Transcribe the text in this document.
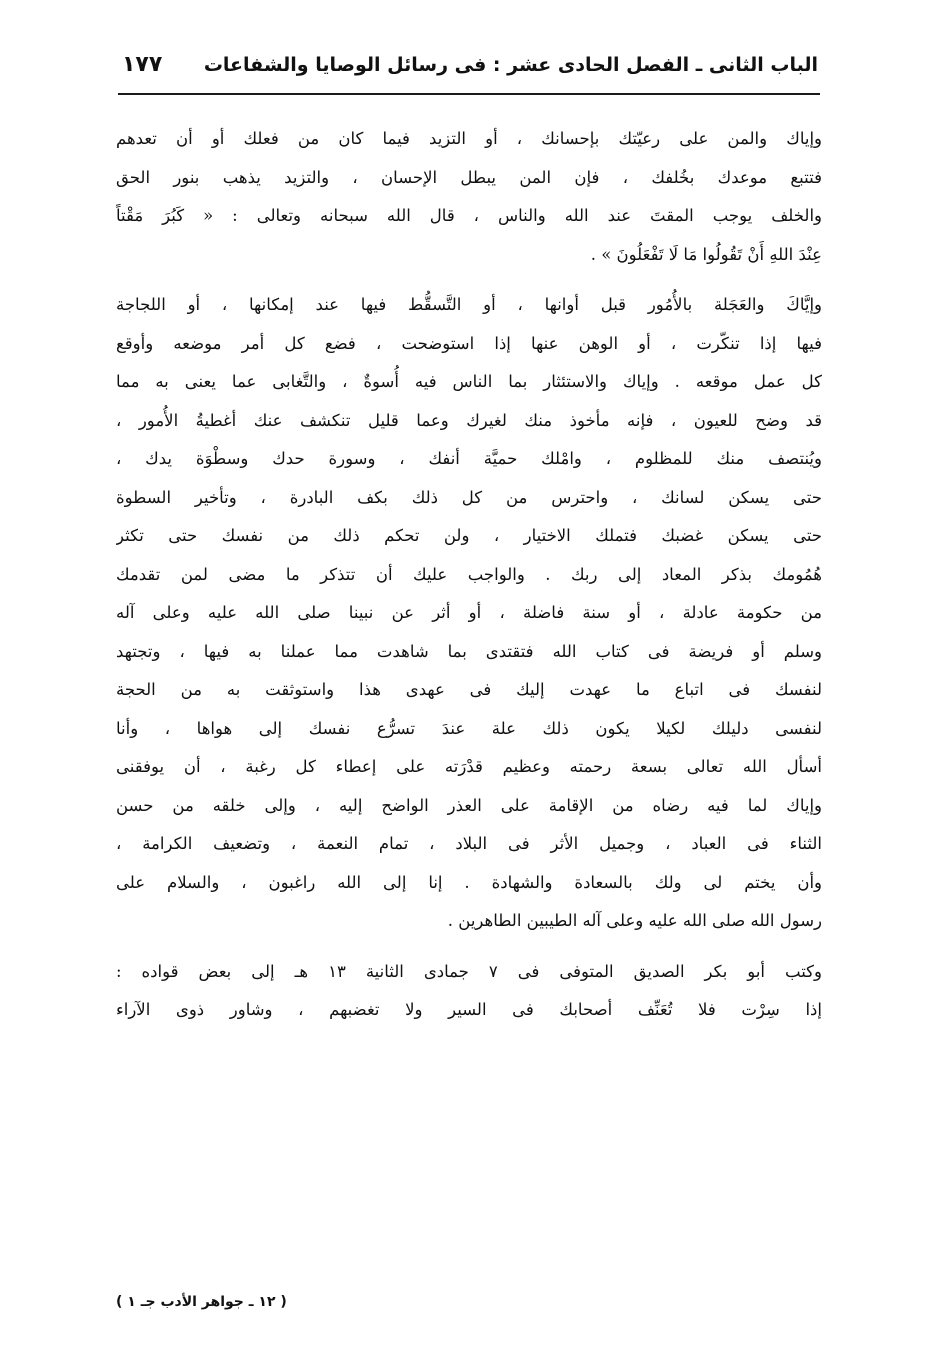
الباب الثانى ـ الفصل الحادى عشر : فى رسائل الوصايا والشفاعات
١٧٧
وإياك والمن على رعيّتك بإحسانك ، أو التزيد فيما كان من فعلك أو أن تعدهم
فتتبع موعدك بخُلفك ، فإن المن يبطل الإحسان ، والتزيد يذهب بنور الحق
والخلف يوجب المقتَ عند الله والناس ، قال الله سبحانه وتعالى : « كَبُرَ مَقْتاً
عِنْدَ اللهِ أَنْ تَقُولُوا مَا لَا تَفْعَلُونَ » .
وإيَّاكَ والعَجَلة بالأُمُور قبل أوانها ، أو التَّسقُّط فيها عند إمكانها ، أو اللجاجة
فيها إذا تنكّرت ، أو الوهن عنها إذا استوضحت ، فضع كل أمر موضعه وأوقع
كل عمل موقعه . وإياك والاستئثار بما الناس فيه أُسوةٌ ، والتَّغابى عما يعنى به مما
قد وضح للعيون ، فإنه مأخوذ منك لغيرك وعما قليل تنكشف عنك أغطيةُ الأُمور ،
ويُنتصف منك للمظلوم ، وامْلك حميَّة أنفك ، وسورة حدك وسطْوَة يدك ،
حتى يسكن لسانك ، واحترس من كل ذلك بكف البادرة ، وتأخير السطوة
حتى يسكن غضبك فتملك الاختيار ، ولن تحكم ذلك من نفسك حتى تكثر
هُمُومك بذكر المعاد إلى ربك . والواجب عليك أن تتذكر ما مضى لمن تقدمك
من حكومة عادلة ، أو سنة فاضلة ، أو أثر عن نبينا صلى الله عليه وعلى آله
وسلم أو فريضة فى كتاب الله فتقتدى بما شاهدت مما عملنا به فيها ، وتجتهد
لنفسك فى اتباع ما عهدت إليك فى عهدى هذا واستوثقت به من الحجة
لنفسى دليلك لكيلا يكون ذلك علة عندَ تسرُّع نفسك إلى هواها ، وأنا
أسأل الله تعالى بسعة رحمته وعظيم قدْرَته على إعطاء كل رغبة ، أن يوفقنى
وإياك لما فيه رضاه من الإقامة على العذر الواضح إليه ، وإلى خلقه من حسن
الثناء فى العباد ، وجميل الأثر فى البلاد ، تمام النعمة ، وتضعيف الكرامة ،
وأن يختم لى ولك بالسعادة والشهادة . إنا إلى الله راغبون ، والسلام على
رسول الله صلى الله عليه وعلى آله الطيبين الطاهرين .
وكتب أبو بكر الصديق المتوفى فى ٧ جمادى الثانية ١٣ هـ إلى بعض قواده :
إذا سِرْت فلا تُعَنِّف أصحابك فى السير ولا تغضبهم ، وشاور ذوى الآراء
( ١٢ ـ جواهر الأدب جـ ١ )
